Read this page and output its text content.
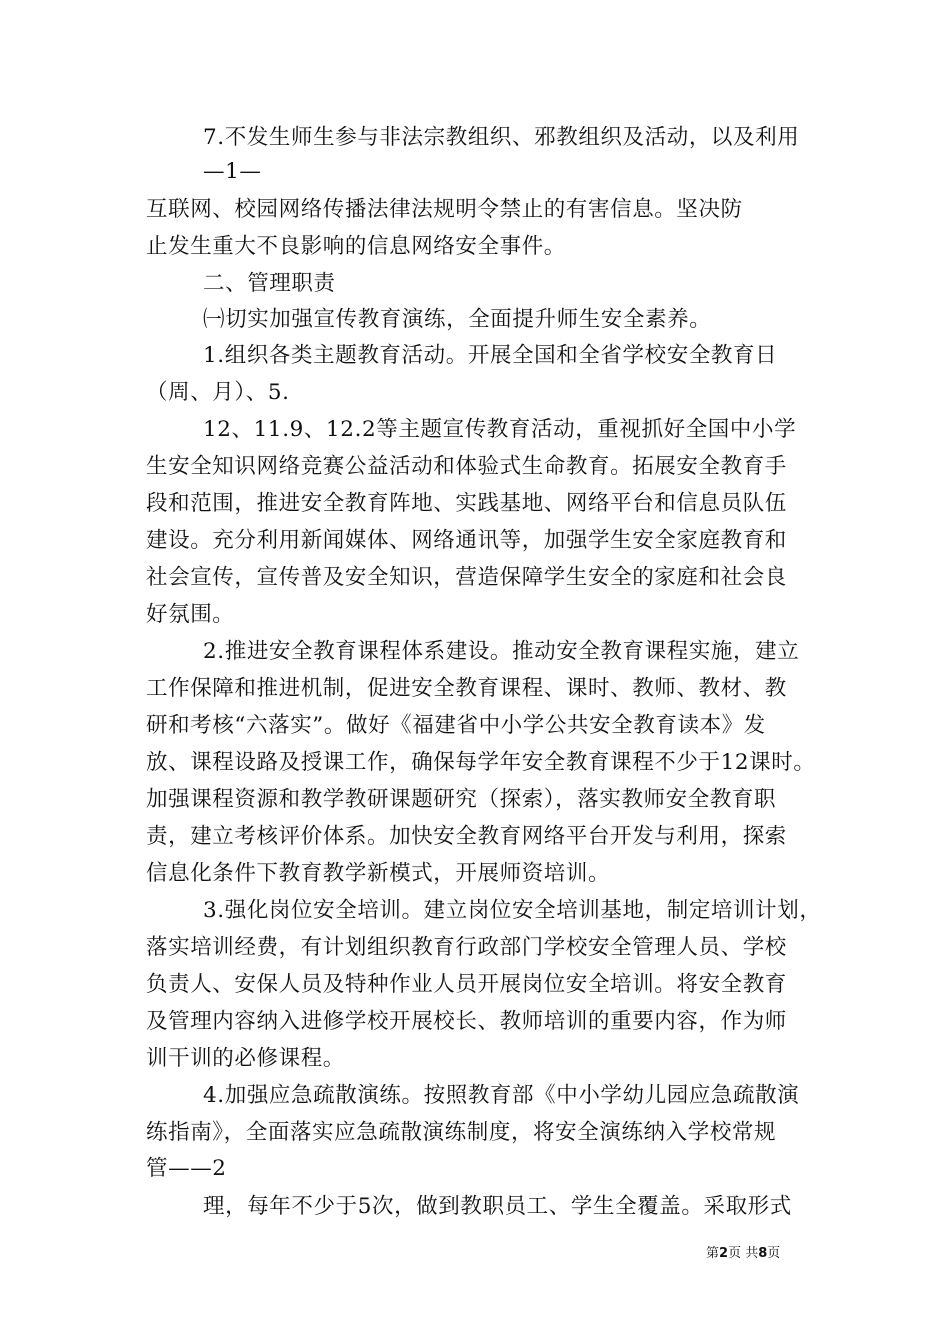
7.不发生师生参与非法宗教组织、邪教组织及活动，以及利用
—1—
互联网、校园网络传播法律法规明令禁止的有害信息。坚决防
止发生重大不良影响的信息网络安全事件。
二、管理职责
㈠切实加强宣传教育演练，全面提升师生安全素养。
1.组织各类主题教育活动。开展全国和全省学校安全教育日
（周、月）、5.
12、11.9、12.2等主题宣传教育活动，重视抓好全国中小学
生安全知识网络竞赛公益活动和体验式生命教育。拓展安全教育手
段和范围，推进安全教育阵地、实践基地、网络平台和信息员队伍
建设。充分利用新闻媒体、网络通讯等，加强学生安全家庭教育和
社会宣传，宣传普及安全知识，营造保障学生安全的家庭和社会良
好氛围。
2.推进安全教育课程体系建设。推动安全教育课程实施，建立
工作保障和推进机制，促进安全教育课程、课时、教师、教材、教
研和考核“六落实”。做好《福建省中小学公共安全教育读本》发
放、课程设路及授课工作，确保每学年安全教育课程不少于12课时。
加强课程资源和教学教研课题研究（探索），落实教师安全教育职
责，建立考核评价体系。加快安全教育网络平台开发与利用，探索
信息化条件下教育教学新模式，开展师资培训。
3.强化岗位安全培训。建立岗位安全培训基地，制定培训计划，
落实培训经费，有计划组织教育行政部门学校安全管理人员、学校
负责人、安保人员及特种作业人员开展岗位安全培训。将安全教育
及管理内容纳入进修学校开展校长、教师培训的重要内容，作为师
训干训的必修课程。
4.加强应急疏散演练。按照教育部《中小学幼儿园应急疏散演
练指南》，全面落实应急疏散演练制度，将安全演练纳入学校常规
管——2
理，每年不少于5次，做到教职员工、学生全覆盖。采取形式
第2页 共8页
